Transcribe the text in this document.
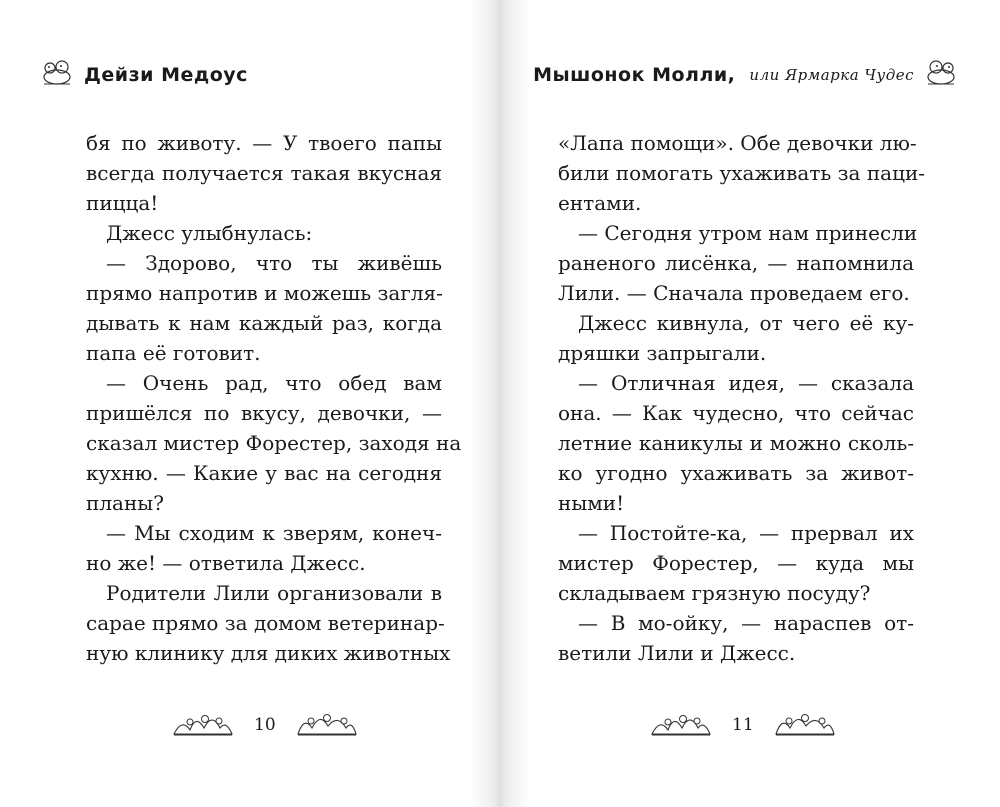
Дейзи Медоус
бя по животу. — У твоего папы
всегда получается такая вкусная
пицца!
Джесс улыбнулась:
— Здорово, что ты живёшь
прямо напротив и можешь загля-
дывать к нам каждый раз, когда
папа её готовит.
— Очень рад, что обед вам
пришёлся по вкусу, девочки, —
сказал мистер Форестер, заходя на
кухню. — Какие у вас на сегодня
планы?
— Мы сходим к зверям, конеч-
но же! — ответила Джесс.
Родители Лили организовали в
сарае прямо за домом ветеринар-
ную клинику для диких животных
10
Мышонок Молли, или Ярмарка Чудес
«Лапа помощи». Обе девочки лю-
били помогать ухаживать за паци-
ентами.
— Сегодня утром нам принесли
раненого лисёнка, — напомнила
Лили. — Сначала проведаем его.
Джесс кивнула, от чего её ку-
дряшки запрыгали.
— Отличная идея, — сказала
она. — Как чудесно, что сейчас
летние каникулы и можно сколь-
ко угодно ухаживать за живот-
ными!
— Постойте-ка, — прервал их
мистер Форестер, — куда мы
складываем грязную посуду?
— В мо-ойку, — нараспев от-
ветили Лили и Джесс.
11
